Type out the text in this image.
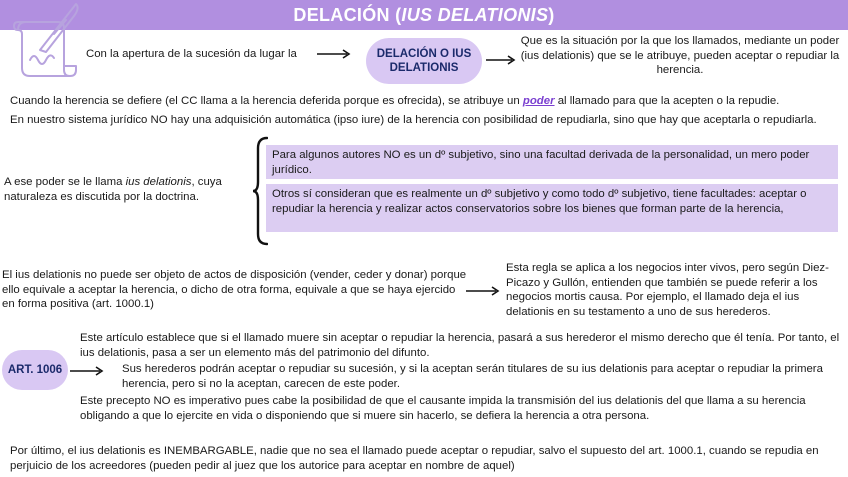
DELACIÓN (IUS DELATIONIS)
Con la apertura de la sucesión da lugar la	DELACIÓN O IUS DELATIONIS
Que es la situación por la que los llamados, mediante un poder (ius delationis) que se le atribuye, pueden aceptar o repudiar la herencia.
Cuando la herencia se defiere (el CC llama a la herencia deferida porque es ofrecida), se atribuye un poder al llamado para que la acepten o la repudie.
En nuestro sistema jurídico NO hay una adquisición automática (ipso iure) de la herencia con posibilidad de repudiarla, sino que hay que aceptarla o repudiarla.
A ese poder se le llama ius delationis, cuya naturaleza es discutida por la doctrina.
Para algunos autores NO es un dº subjetivo, sino una facultad derivada de la personalidad, un mero poder jurídico.
Otros sí consideran que es realmente un dº subjetivo y como todo dº subjetivo, tiene facultades: aceptar o repudiar la herencia y realizar actos conservatorios sobre los bienes que forman parte de la herencia,
El ius delationis no puede ser objeto de actos de disposición (vender, ceder y donar) porque ello equivale a aceptar la herencia, o dicho de otra forma, equivale a que se haya ejercido en forma positiva (art. 1000.1)
Esta regla se aplica a los negocios inter vivos, pero según Diez-Picazo y Gullón, entienden que también se puede referir a los negocios mortis causa. Por ejemplo, el llamado deja el ius delationis en su testamento a uno de sus herederos.
Este artículo establece que si el llamado muere sin aceptar o repudiar la herencia, pasará a sus herederor el mismo derecho que él tenía. Por tanto, el ius delationis, pasa a ser un elemento más del patrimonio del difunto.
ART. 1006	Sus herederos podrán aceptar o repudiar su sucesión, y si la aceptan serán titulares de su ius delationis para aceptar o repudiar la primera herencia, pero si no la aceptan, carecen de este poder.
Este precepto NO es imperativo pues cabe la posibilidad de que el causante impida la transmisión del ius delationis del que llama a su herencia obligando a que lo ejercite en vida o disponiendo que si muere sin hacerlo, se defiera la herencia a otra persona.
Por último, el ius delationis es INEMBARGABLE, nadie que no sea el llamado puede aceptar o repudiar, salvo el supuesto del art. 1000.1, cuando se repudia en perjuicio de los acreedores (pueden pedir al juez que los autorice para aceptar en nombre de aquel)
